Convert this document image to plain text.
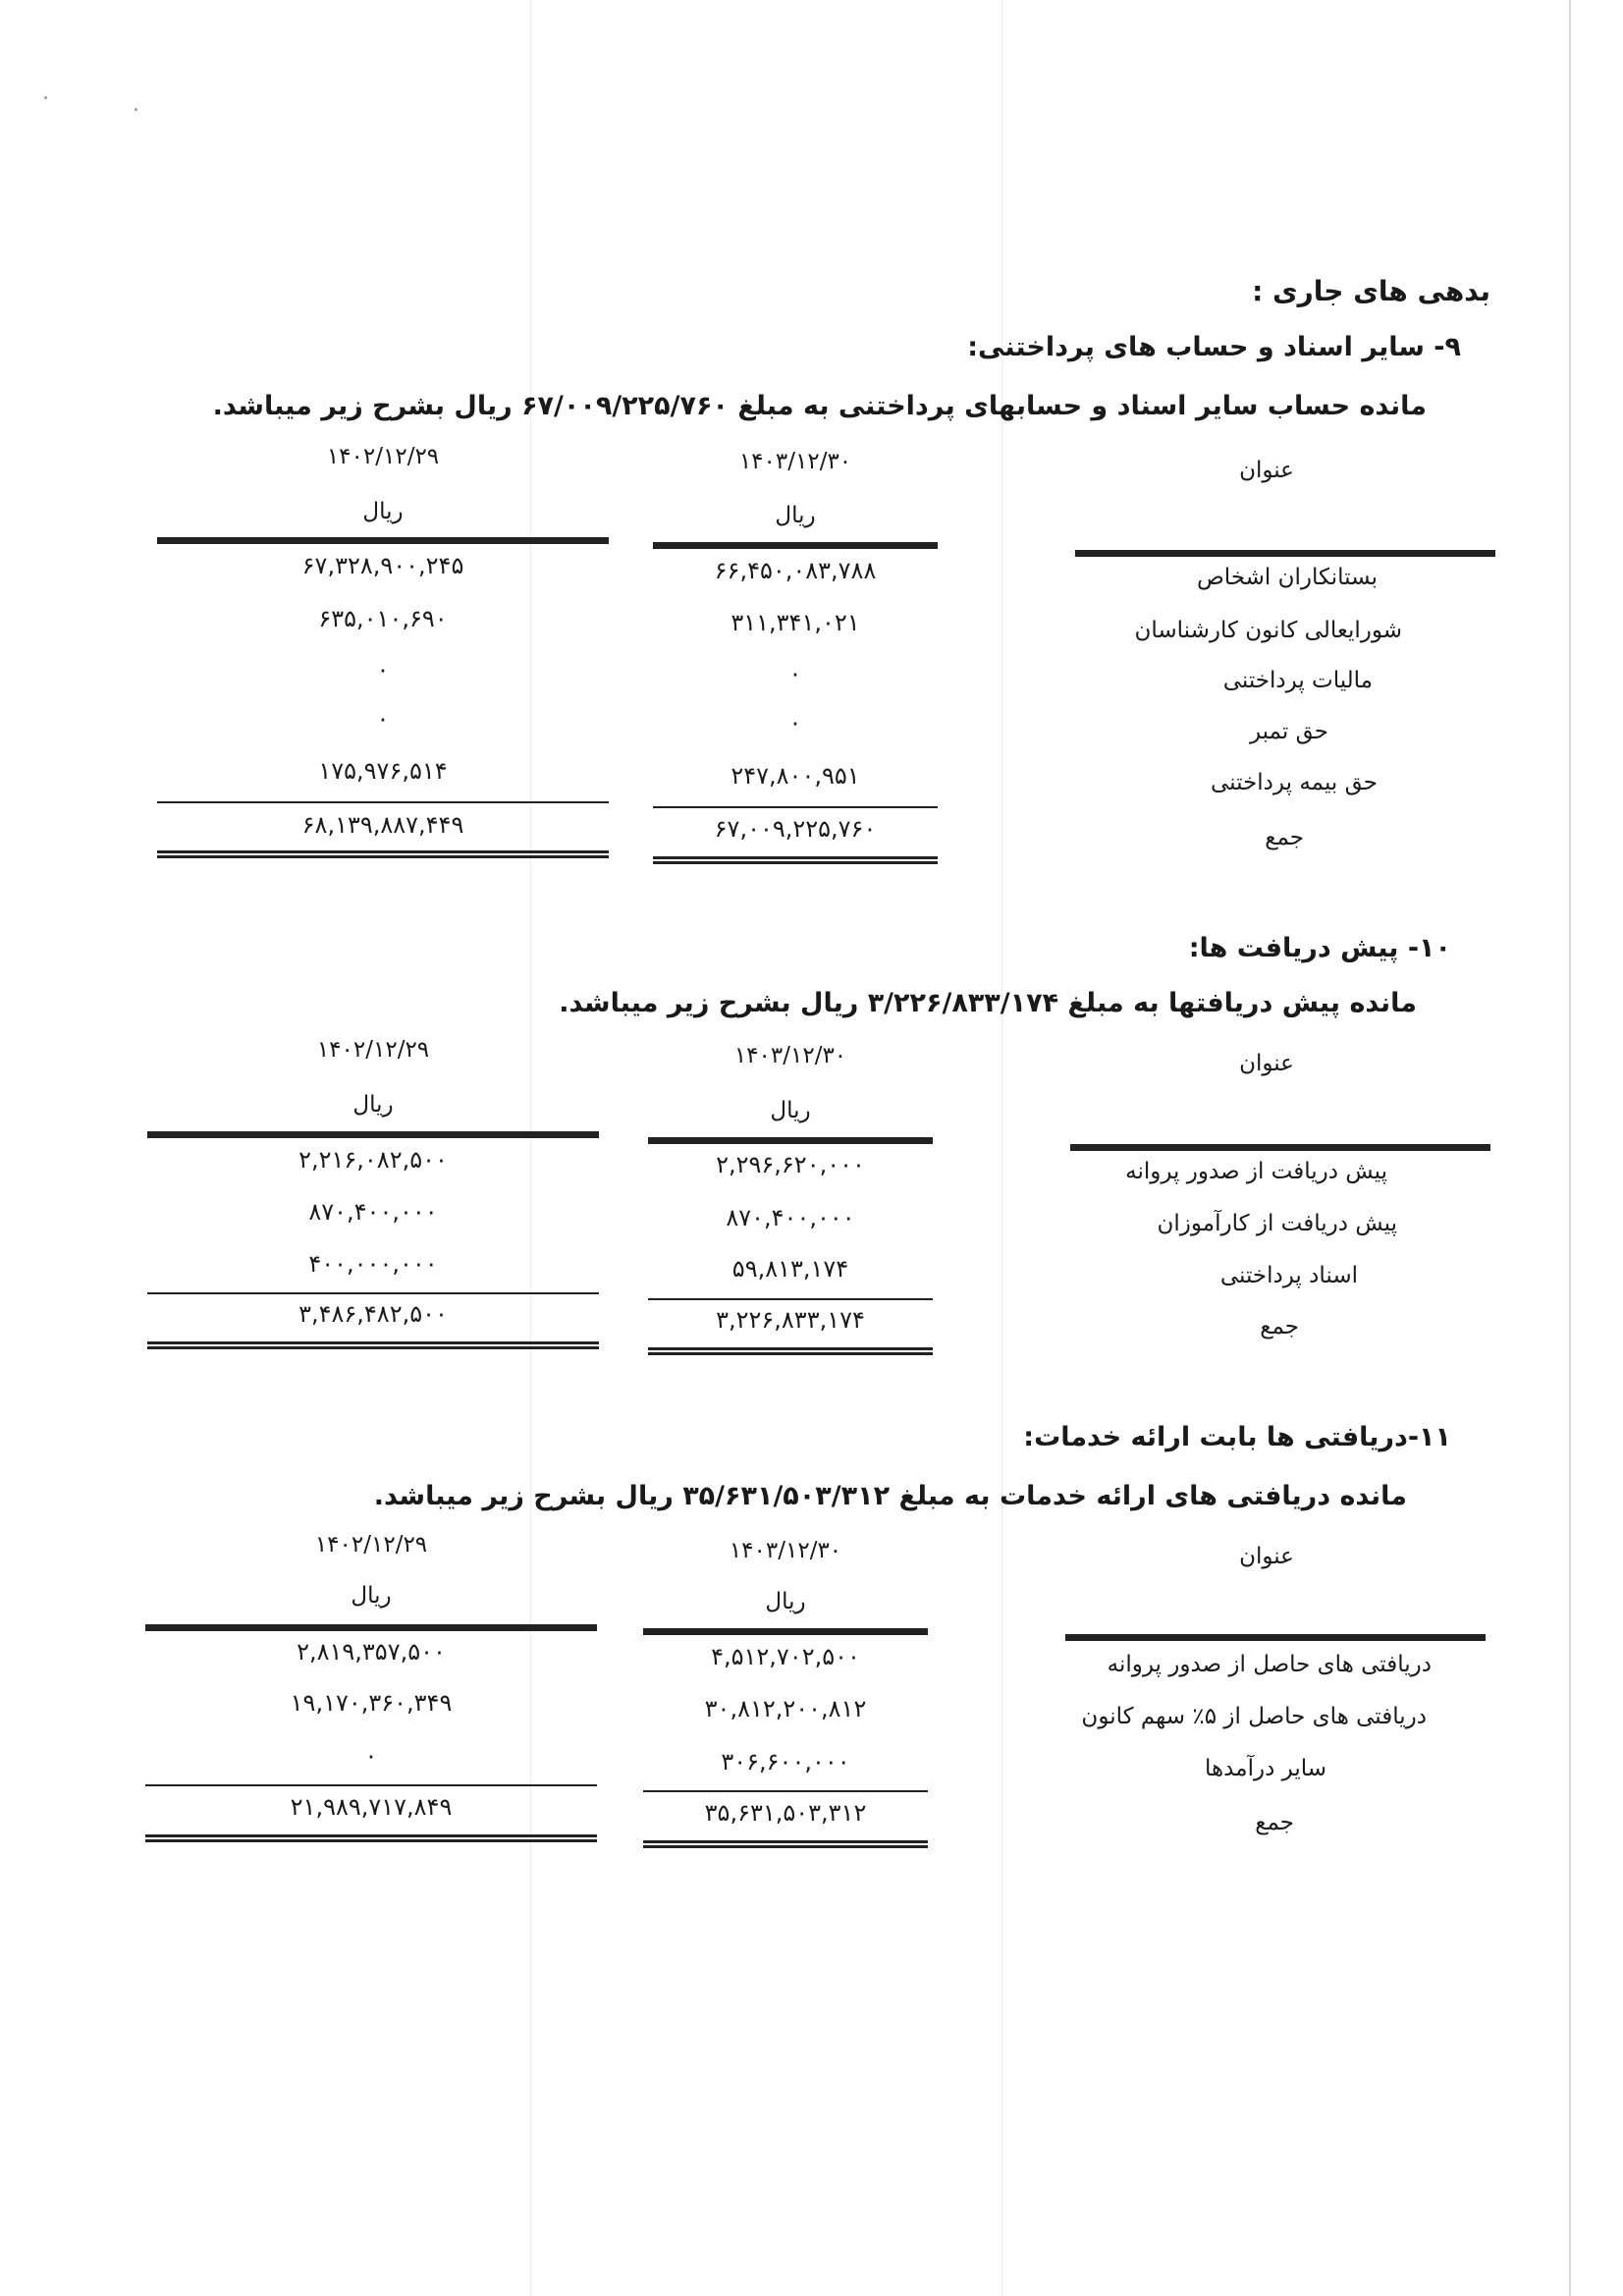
بدهی های جاری :
۹- سایر اسناد و حساب های پرداختنی:
مانده حساب سایر اسناد و حسابهای پرداختنی به مبلغ ۶۷/۰۰۹/۲۲۵/۷۶۰ ریال بشرح زیر میباشد.
عنوان
۱۴۰۳/۱۲/۳۰
۱۴۰۲/۱۲/۲۹
ریال
ریال
بستانکاران اشخاص
۶۶,۴۵۰,۰۸۳,۷۸۸
۶۷,۳۲۸,۹۰۰,۲۴۵
شورایعالی کانون کارشناسان
۳۱۱,۳۴۱,۰۲۱
۶۳۵,۰۱۰,۶۹۰
مالیات پرداختنی
۰
۰
حق تمبر
۰
۰
حق بیمه پرداختنی
۲۴۷,۸۰۰,۹۵۱
۱۷۵,۹۷۶,۵۱۴
جمع
۶۷,۰۰۹,۲۲۵,۷۶۰
۶۸,۱۳۹,۸۸۷,۴۴۹
۱۰- پیش دریافت ها:
مانده پیش دریافتها به مبلغ ۳/۲۲۶/۸۳۳/۱۷۴ ریال بشرح زیر میباشد.
عنوان
۱۴۰۳/۱۲/۳۰
۱۴۰۲/۱۲/۲۹
ریال
ریال
پیش دریافت از صدور پروانه
۲,۲۹۶,۶۲۰,۰۰۰
۲,۲۱۶,۰۸۲,۵۰۰
پیش دریافت از کارآموزان
۸۷۰,۴۰۰,۰۰۰
۸۷۰,۴۰۰,۰۰۰
اسناد پرداختنی
۵۹,۸۱۳,۱۷۴
۴۰۰,۰۰۰,۰۰۰
جمع
۳,۲۲۶,۸۳۳,۱۷۴
۳,۴۸۶,۴۸۲,۵۰۰
۱۱-دریافتی ها بابت ارائه خدمات:
مانده دریافتی های ارائه خدمات به مبلغ ۳۵/۶۳۱/۵۰۳/۳۱۲ ریال بشرح زیر میباشد.
عنوان
۱۴۰۳/۱۲/۳۰
۱۴۰۲/۱۲/۲۹
ریال
ریال
دریافتی های حاصل از صدور پروانه
۴,۵۱۲,۷۰۲,۵۰۰
۲,۸۱۹,۳۵۷,۵۰۰
دریافتی های حاصل از ۵٪ سهم کانون
۳۰,۸۱۲,۲۰۰,۸۱۲
۱۹,۱۷۰,۳۶۰,۳۴۹
سایر درآمدها
۳۰۶,۶۰۰,۰۰۰
۰
جمع
۳۵,۶۳۱,۵۰۳,۳۱۲
۲۱,۹۸۹,۷۱۷,۸۴۹
